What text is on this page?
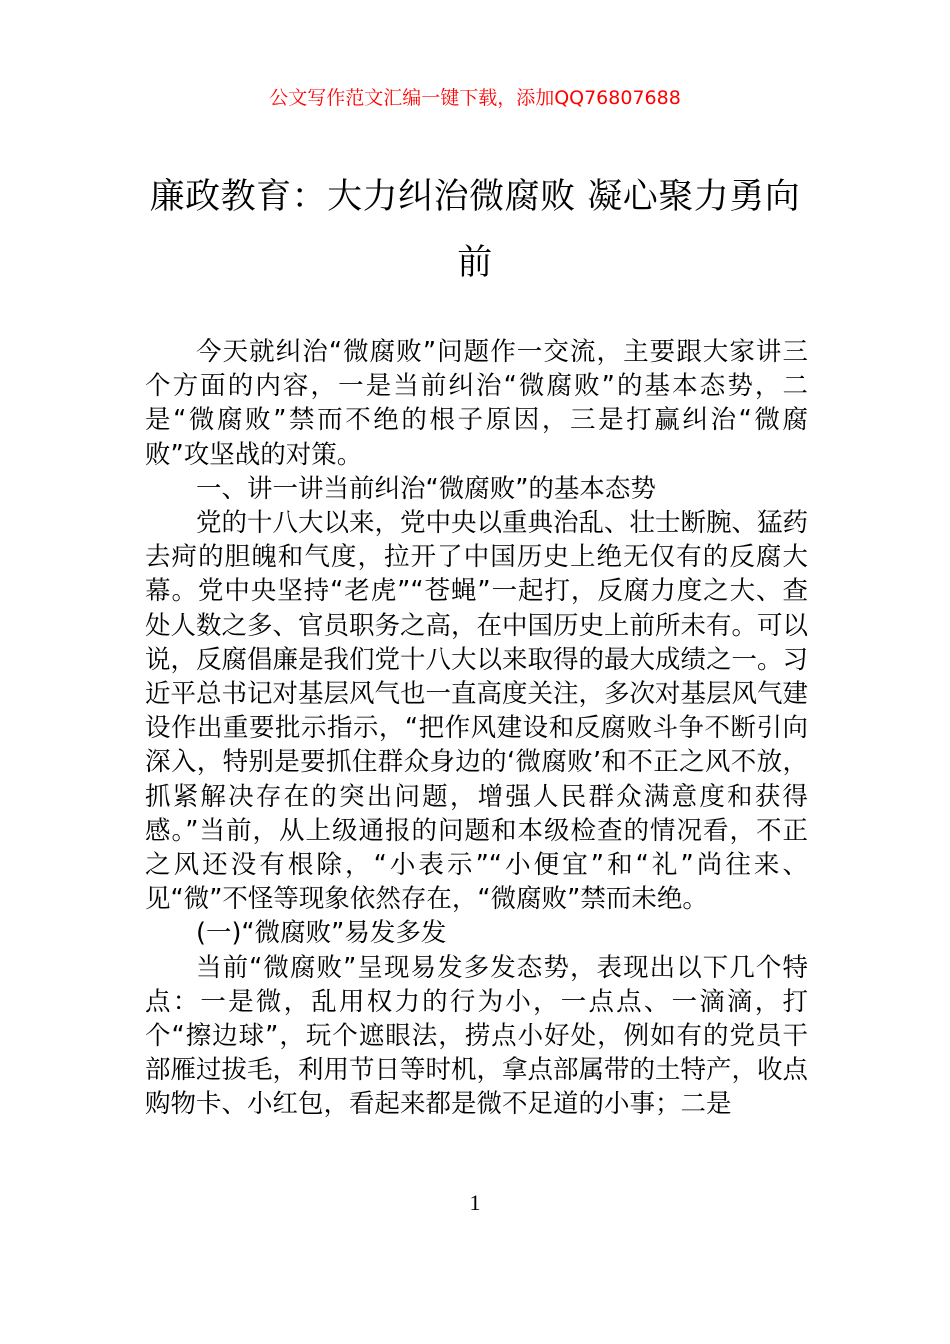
公文写作范文汇编一键下载，添加QQ76807688
廉政教育：大力纠治微腐败 凝心聚力勇向前

今天就纠治“微腐败”问题作一交流，主要跟大家讲三个方面的内容，一是当前纠治“微腐败”的基本态势，二是“微腐败”禁而不绝的根子原因，三是打赢纠治“微腐败”攻坚战的对策。

一、讲一讲当前纠治“微腐败”的基本态势

党的十八大以来，党中央以重典治乱、壮士断腕、猛药去疴的胆魄和气度，拉开了中国历史上绝无仅有的反腐大幕。党中央坚持“老虎”“苍蝇”一起打，反腐力度之大、查处人数之多、官员职务之高，在中国历史上前所未有。可以说，反腐倡廉是我们党十八大以来取得的最大成绩之一。习近平总书记对基层风气也一直高度关注，多次对基层风气建设作出重要批示指示，“把作风建设和反腐败斗争不断引向深入，特别是要抓住群众身边的‘微腐败’和不正之风不放，抓紧解决存在的突出问题，增强人民群众满意度和获得感。”当前，从上级通报的问题和本级检查的情况看，不正之风还没有根除，“小表示”“小便宜”和“礼”尚往来、见“微”不怪等现象依然存在，“微腐败”禁而未绝。

(一)“微腐败”易发多发

当前“微腐败”呈现易发多发态势，表现出以下几个特点：一是微，乱用权力的行为小，一点点、一滴滴，打个“擦边球”，玩个遮眼法，捞点小好处，例如有的党员干部雁过拔毛，利用节日等时机，拿点部属带的土特产，收点购物卡、小红包，看起来都是微不足道的小事；二是

1
